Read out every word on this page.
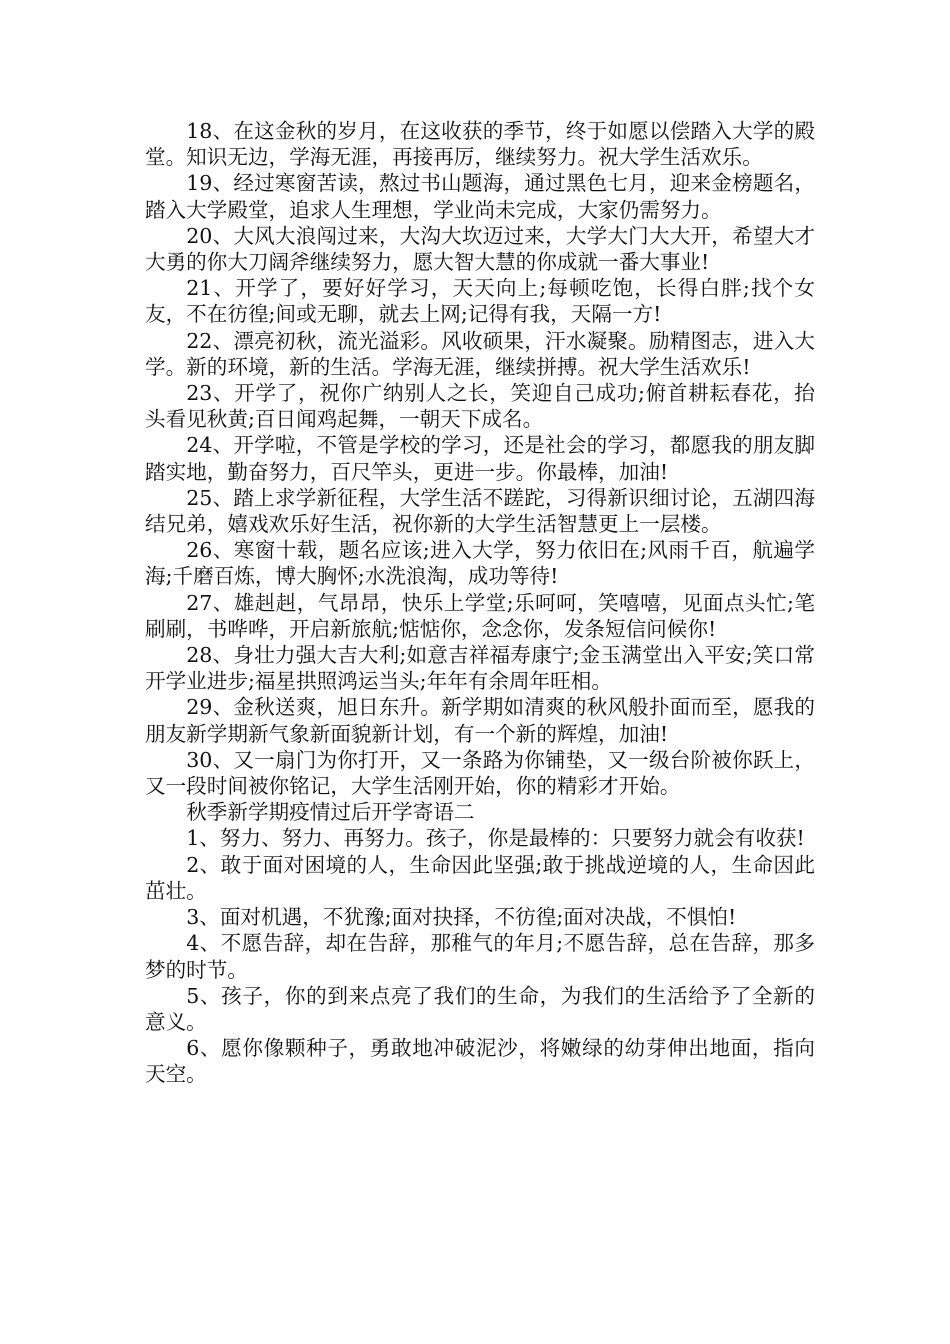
18、在这金秋的岁月，在这收获的季节，终于如愿以偿踏入大学的殿堂。知识无边，学海无涯，再接再厉，继续努力。祝大学生活欢乐。

19、经过寒窗苦读，熬过书山题海，通过黑色七月，迎来金榜题名，踏入大学殿堂，追求人生理想，学业尚未完成，大家仍需努力。

20、大风大浪闯过来，大沟大坎迈过来，大学大门大大开，希望大才大勇的你大刀阔斧继续努力，愿大智大慧的你成就一番大事业!

21、开学了，要好好学习，天天向上;每顿吃饱，长得白胖;找个女友，不在彷徨;间或无聊，就去上网;记得有我，天隔一方!

22、漂亮初秋，流光溢彩。风收硕果，汗水凝聚。励精图志，进入大学。新的环境，新的生活。学海无涯，继续拼搏。祝大学生活欢乐!

23、开学了，祝你广纳别人之长，笑迎自己成功;俯首耕耘春花，抬头看见秋黄;百日闻鸡起舞，一朝天下成名。

24、开学啦，不管是学校的学习，还是社会的学习，都愿我的朋友脚踏实地，勤奋努力，百尺竿头，更进一步。你最棒，加油!

25、踏上求学新征程，大学生活不蹉跎，习得新识细讨论，五湖四海结兄弟，嬉戏欢乐好生活，祝你新的大学生活智慧更上一层楼。

26、寒窗十载，题名应该;进入大学，努力依旧在;风雨千百，航遍学海;千磨百炼，博大胸怀;水洗浪淘，成功等待!

27、雄赳赳，气昂昂，快乐上学堂;乐呵呵，笑嘻嘻，见面点头忙;笔刷刷，书哗哗，开启新旅航;惦惦你，念念你，发条短信问候你!

28、身壮力强大吉大利;如意吉祥福寿康宁;金玉满堂出入平安;笑口常开学业进步;福星拱照鸿运当头;年年有余周年旺相。

29、金秋送爽，旭日东升。新学期如清爽的秋风般扑面而至，愿我的朋友新学期新气象新面貌新计划，有一个新的辉煌，加油!

30、又一扇门为你打开，又一条路为你铺垫，又一级台阶被你跃上，又一段时间被你铭记，大学生活刚开始，你的精彩才开始。

秋季新学期疫情过后开学寄语二

1、努力、努力、再努力。孩子，你是最棒的：只要努力就会有收获!

2、敢于面对困境的人，生命因此坚强;敢于挑战逆境的人，生命因此茁壮。

3、面对机遇，不犹豫;面对抉择，不彷徨;面对决战，不惧怕!

4、不愿告辞，却在告辞，那稚气的年月;不愿告辞，总在告辞，那多梦的时节。

5、孩子，你的到来点亮了我们的生命，为我们的生活给予了全新的意义。

6、愿你像颗种子，勇敢地冲破泥沙，将嫩绿的幼芽伸出地面，指向天空。
